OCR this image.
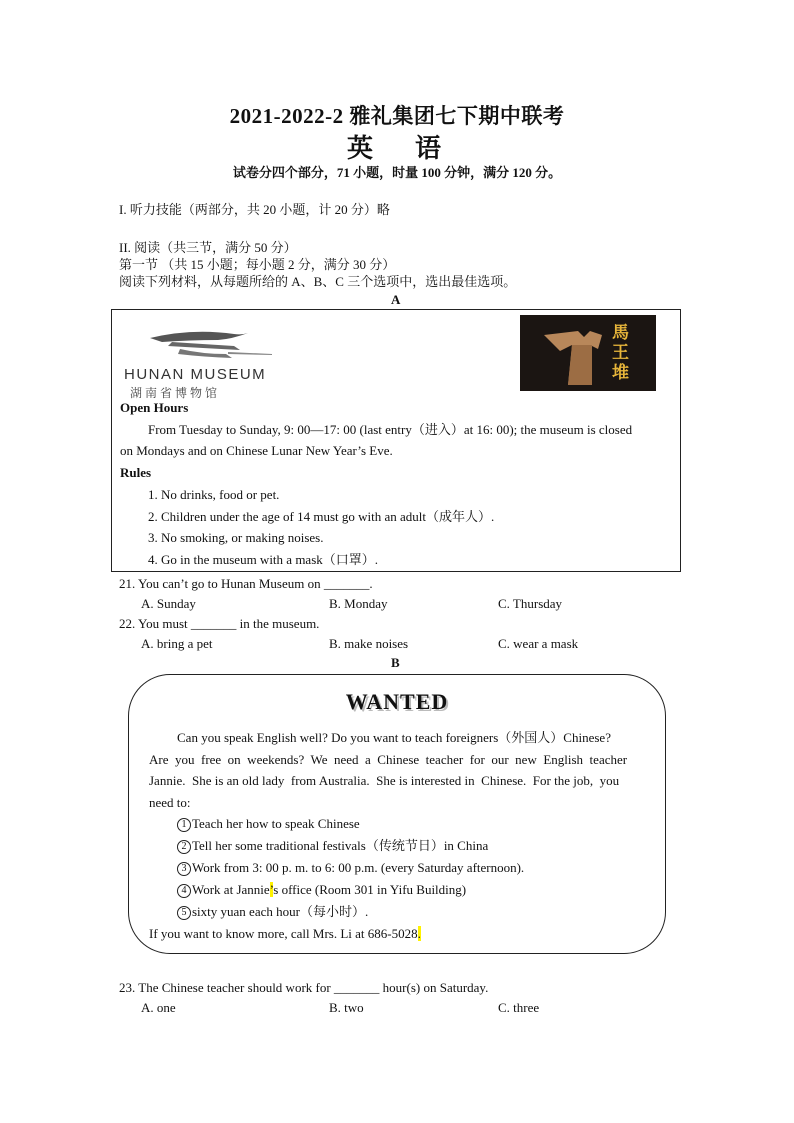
2021-2022-2 雅礼集团七下期中联考
英 语
试卷分四个部分，71 小题，时量 100 分钟，满分 120 分。
I. 听力技能（两部分，共 20 小题，计 20 分）略
II. 阅读（共三节，满分 50 分）
第一节 （共 15 小题；每小题 2 分，满分 30 分）
阅读下列材料，从每题所给的 A、B、C 三个选项中，选出最佳选项。
A
HUNAN MUSEUM
湖南省博物馆
馬王堆
Open Hours
From Tuesday to Sunday, 9: 00—17: 00 (last entry（进入）at 16: 00); the museum is closed
on Mondays and on Chinese Lunar New Year’s Eve.
Rules
1. No drinks, food or pet.
2. Children under the age of 14 must go with an adult（成年人）.
3. No smoking, or making noises.
4. Go in the museum with a mask（口罩）.
21. You can’t go to Hunan Museum on _______.
A. Sunday	B. Monday	C. Thursday
22. You must _______ in the museum.
A. bring a pet	B. make noises	C. wear a mask
B
WANTED
Can you speak English well? Do you want to teach foreigners（外国人）Chinese?
Are  you  free  on  weekends?  We  need  a  Chinese  teacher  for  our  new  English  teacher
Jannie.  She is an old lady  from Australia.  She is interested in  Chinese.  For the job,  you
need to:
1 Teach her how to speak Chinese
2 Tell her some traditional festivals（传统节日）in China
3 Work from 3: 00 p. m. to 6: 00 p.m. (every Saturday afternoon).
4 Work at Jannie’s office (Room 301 in Yifu Building)
5 sixty yuan each hour（每小时）.
If you want to know more, call Mrs. Li at 686-5028.
23. The Chinese teacher should work for _______ hour(s) on Saturday.
A. one	B. two	C. three
